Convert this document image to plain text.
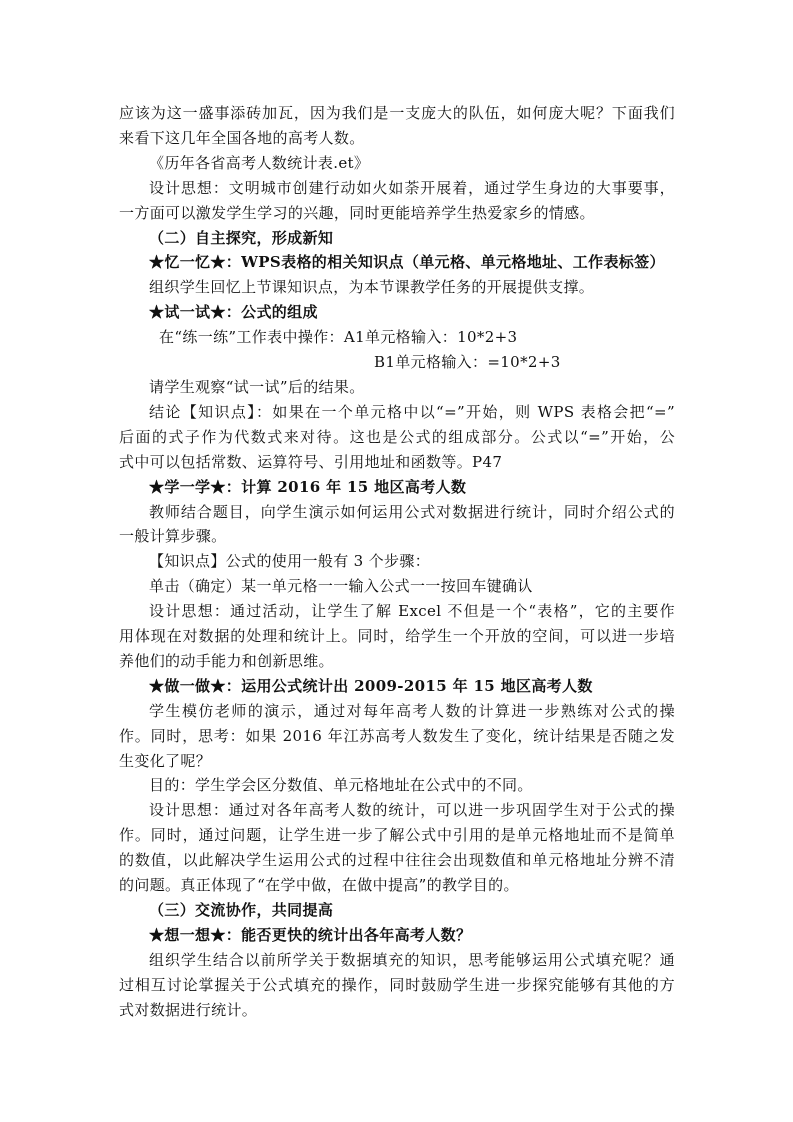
应该为这一盛事添砖加瓦，因为我们是一支庞大的队伍，如何庞大呢？下面我们
来看下这几年全国各地的高考人数。
《历年各省高考人数统计表.et》
设计思想：文明城市创建行动如火如荼开展着，通过学生身边的大事要事，
一方面可以激发学生学习的兴趣，同时更能培养学生热爱家乡的情感。
（二）自主探究，形成新知
★忆一忆★：WPS表格的相关知识点（单元格、单元格地址、工作表标签）
组织学生回忆上节课知识点，为本节课教学任务的开展提供支撑。
★试一试★：公式的组成
在“练一练”工作表中操作：A1单元格输入：10*2+3
B1单元格输入：=10*2+3
请学生观察“试一试”后的结果。
结论【知识点】：如果在一个单元格中以“=”开始，则 WPS 表格会把“=”
后面的式子作为代数式来对待。这也是公式的组成部分。公式以“=”开始，公
式中可以包括常数、运算符号、引用地址和函数等。P47
★学一学★：计算 2016 年 15 地区高考人数
教师结合题目，向学生演示如何运用公式对数据进行统计，同时介绍公式的
一般计算步骤。
【知识点】公式的使用一般有 3 个步骤：
单击（确定）某一单元格一一输入公式一一按回车键确认
设计思想：通过活动，让学生了解 Excel 不但是一个“表格”，它的主要作
用体现在对数据的处理和统计上。同时，给学生一个开放的空间，可以进一步培
养他们的动手能力和创新思维。
★做一做★：运用公式统计出 2009-2015 年 15 地区高考人数
学生模仿老师的演示，通过对每年高考人数的计算进一步熟练对公式的操
作。同时，思考：如果 2016 年江苏高考人数发生了变化，统计结果是否随之发
生变化了呢？
目的：学生学会区分数值、单元格地址在公式中的不同。
设计思想：通过对各年高考人数的统计，可以进一步巩固学生对于公式的操
作。同时，通过问题，让学生进一步了解公式中引用的是单元格地址而不是简单
的数值，以此解决学生运用公式的过程中往往会出现数值和单元格地址分辨不清
的问题。真正体现了“在学中做，在做中提高”的教学目的。
（三）交流协作，共同提高
★想一想★：能否更快的统计出各年高考人数？
组织学生结合以前所学关于数据填充的知识，思考能够运用公式填充呢？通
过相互讨论掌握关于公式填充的操作，同时鼓励学生进一步探究能够有其他的方
式对数据进行统计。
